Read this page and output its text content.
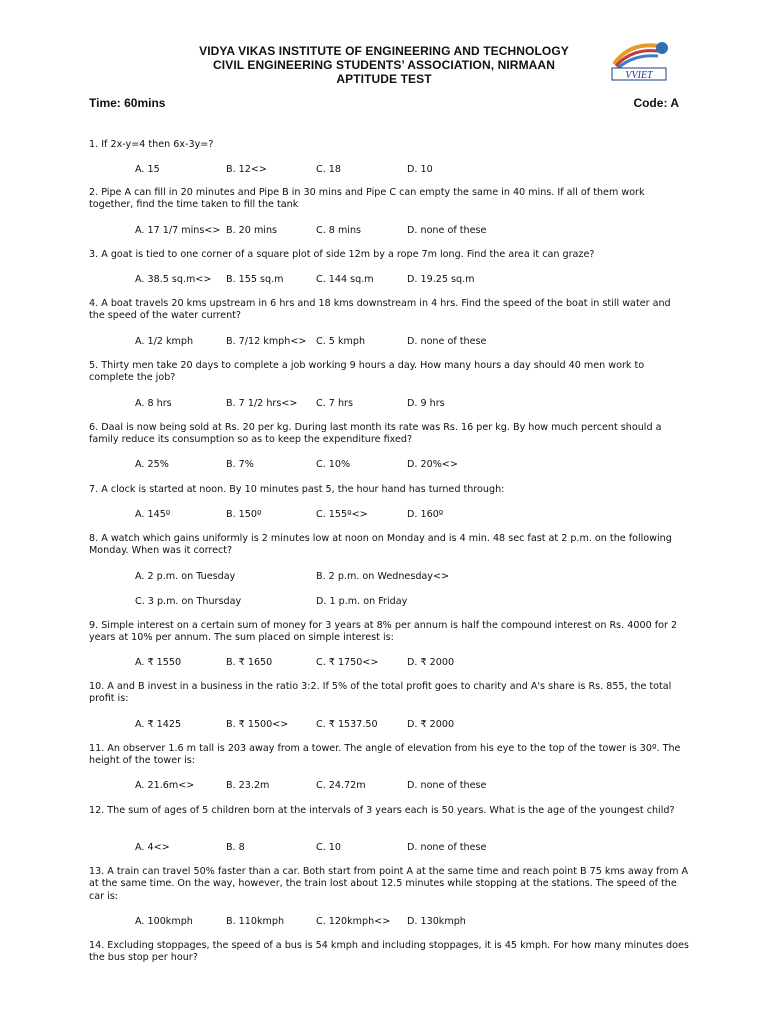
VIDYA VIKAS INSTITUTE OF ENGINEERING AND TECHNOLOGY
CIVIL ENGINEERING STUDENTS’ ASSOCIATION, NIRMAAN
APTITUDE TEST	VVIET
Time: 60mins	Code: A

1. If 2x-y=4 then 6x-3y=?

A. 15	B. 12<>	C. 18	D. 10

2. Pipe A can fill in 20 minutes and Pipe B in 30 mins and Pipe C can empty the same in 40 mins. If all of them work together, find the time taken to fill the tank

A. 17 1/7 mins<> B. 20 mins	C. 8 mins	D. none of these

3. A goat is tied to one corner of a square plot of side 12m by a rope 7m long. Find the area it can graze?

A. 38.5 sq.m<> B. 155 sq.m	C. 144 sq.m	D. 19.25 sq.m

4. A boat travels 20 kms upstream in 6 hrs and 18 kms downstream in 4 hrs. Find the speed of the boat in still water and the speed of the water current?

A. 1/2 kmph	B. 7/12 kmph<> C. 5 kmph	D. none of these

5. Thirty men take 20 days to complete a job working 9 hours a day. How many hours a day should 40 men work to complete the job?

A. 8 hrs	B. 7 1/2 hrs<> C. 7 hrs	D. 9 hrs

6. Daal is now being sold at Rs. 20 per kg. During last month its rate was Rs. 16 per kg. By how much percent should a family reduce its consumption so as to keep the expenditure fixed?

A. 25%	B. 7%	C. 10%	D. 20%<>

7. A clock is started at noon. By 10 minutes past 5, the hour hand has turned through:

A. 145º	B. 150º	C. 155º<>	D. 160º

8. A watch which gains uniformly is 2 minutes low at noon on Monday and is 4 min. 48 sec fast at 2 p.m. on the following Monday. When was it correct?

A. 2 p.m. on Tuesday	B. 2 p.m. on Wednesday<>
C. 3 p.m. on Thursday	D. 1 p.m. on Friday

9. Simple interest on a certain sum of money for 3 years at 8% per annum is half the compound interest on Rs. 4000 for 2 years at 10% per annum. The sum placed on simple interest is:

A. ₹ 1550	B. ₹ 1650	C. ₹ 1750<>	D. ₹ 2000

10. A and B invest in a business in the ratio 3:2. If 5% of the total profit goes to charity and A's share is Rs. 855, the total profit is:

A. ₹ 1425	B. ₹ 1500<>	C. ₹ 1537.50	D. ₹ 2000

11. An observer 1.6 m tall is 203 away from a tower. The angle of elevation from his eye to the top of the tower is 30º. The height of the tower is:

A. 21.6m<>	B. 23.2m	C. 24.72m	D. none of these

12. The sum of ages of 5 children born at the intervals of 3 years each is 50 years. What is the age of the youngest child?

A. 4<>	B. 8	C. 10	D. none of these

13. A train can travel 50% faster than a car. Both start from point A at the same time and reach point B 75 kms away from A at the same time. On the way, however, the train lost about 12.5 minutes while stopping at the stations. The speed of the car is:

A. 100kmph	B. 110kmph	C. 120kmph<> D. 130kmph

14. Excluding stoppages, the speed of a bus is 54 kmph and including stoppages, it is 45 kmph. For how many minutes does the bus stop per hour?
